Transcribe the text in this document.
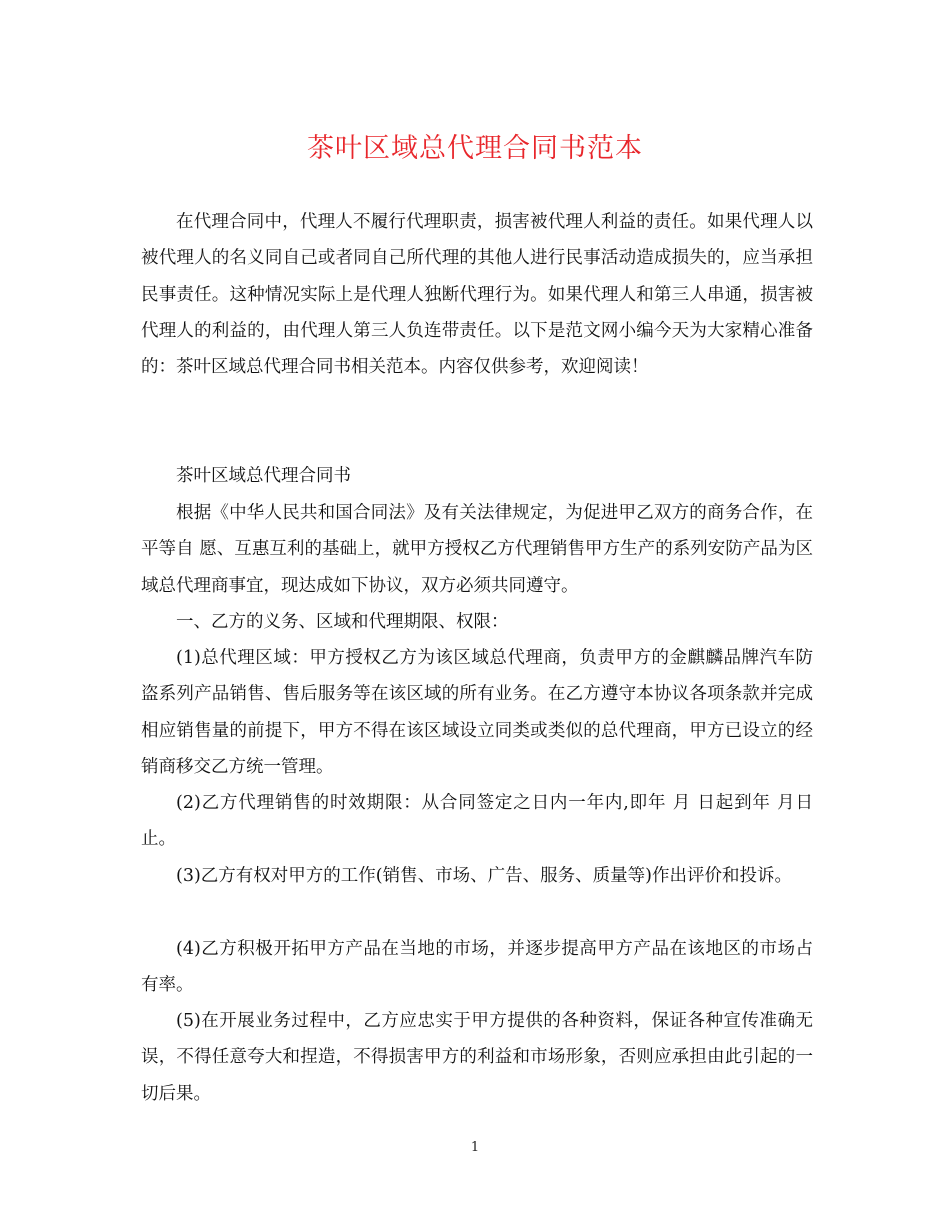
茶叶区域总代理合同书范本

在代理合同中，代理人不履行代理职责，损害被代理人利益的责任。如果代理人以被代理人的名义同自己或者同自己所代理的其他人进行民事活动造成损失的，应当承担民事责任。这种情况实际上是代理人独断代理行为。如果代理人和第三人串通，损害被代理人的利益的，由代理人第三人负连带责任。以下是范文网小编今天为大家精心准备的：茶叶区域总代理合同书相关范本。内容仅供参考，欢迎阅读！

茶叶区域总代理合同书

根据《中华人民共和国合同法》及有关法律规定，为促进甲乙双方的商务合作，在平等自 愿、互惠互利的基础上，就甲方授权乙方代理销售甲方生产的系列安防产品为区域总代理商事宜，现达成如下协议，双方必须共同遵守。

一、乙方的义务、区域和代理期限、权限：

(1)总代理区域：甲方授权乙方为该区域总代理商，负责甲方的金麒麟品牌汽车防盗系列产品销售、售后服务等在该区域的所有业务。在乙方遵守本协议各项条款并完成相应销售量的前提下，甲方不得在该区域设立同类或类似的总代理商，甲方已设立的经销商移交乙方统一管理。

(2)乙方代理销售的时效期限：从合同签定之日内一年内,即年 月 日起到年 月日止。

(3)乙方有权对甲方的工作(销售、市场、广告、服务、质量等)作出评价和投诉。

(4)乙方积极开拓甲方产品在当地的市场，并逐步提高甲方产品在该地区的市场占有率。

(5)在开展业务过程中，乙方应忠实于甲方提供的各种资料，保证各种宣传准确无误，不得任意夸大和捏造，不得损害甲方的利益和市场形象，否则应承担由此引起的一切后果。

1
